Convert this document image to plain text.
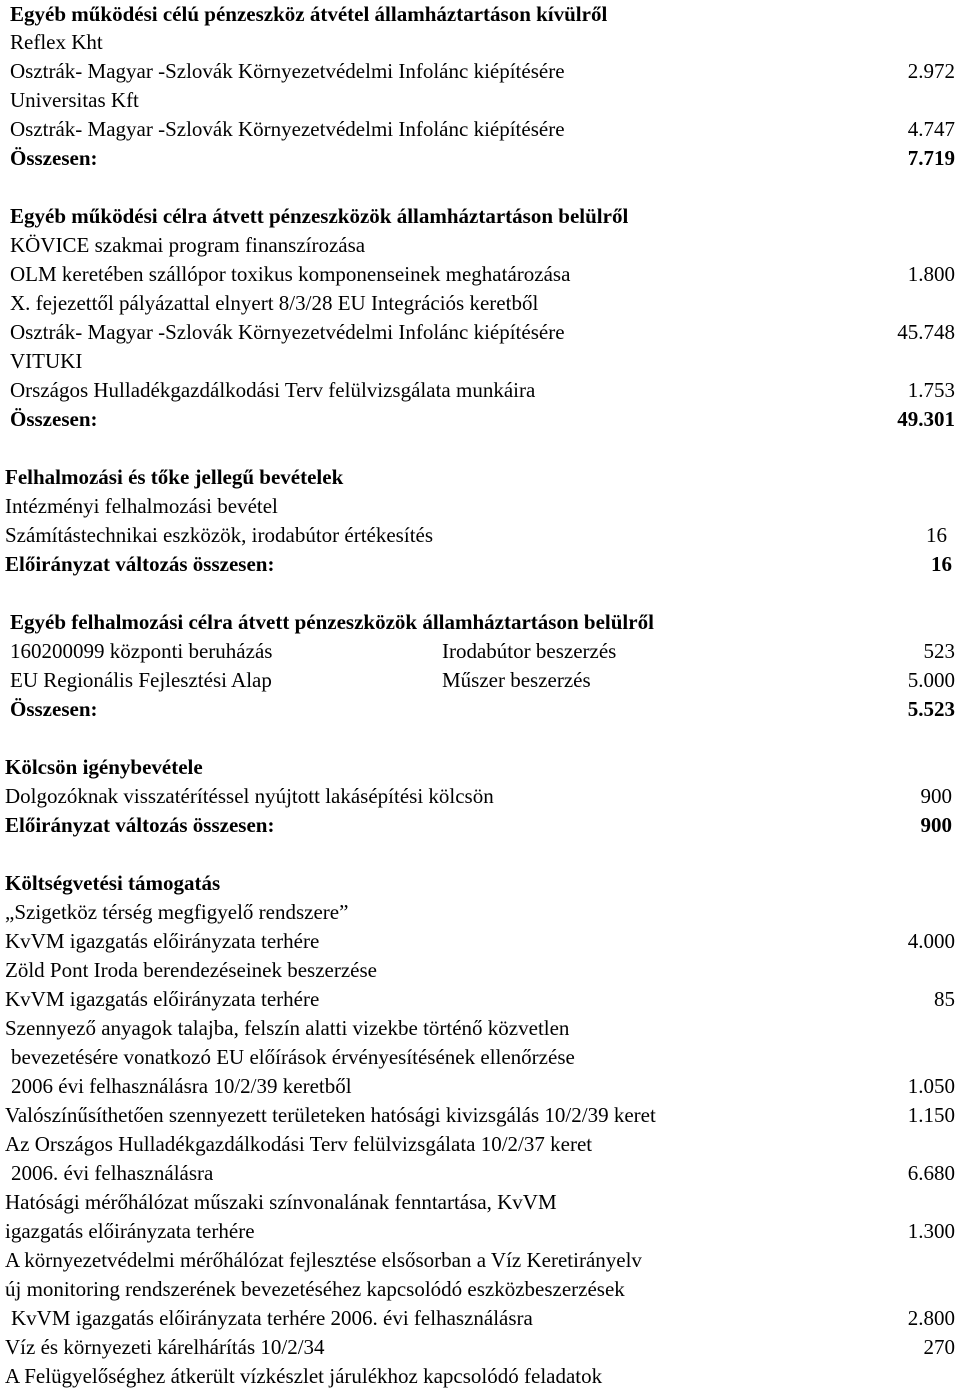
Egyéb működési célú pénzeszköz átvétel államháztartáson kívülről
Reflex Kht
Osztrák- Magyar -Szlovák Környezetvédelmi Infolánc kiépítésére	2.972
Universitas Kft
Osztrák- Magyar -Szlovák Környezetvédelmi Infolánc kiépítésére	4.747
Összesen:	7.719
Egyéb működési célra átvett pénzeszközök államháztartáson belülről
KÖVICE szakmai program finanszírozása
OLM keretében szállópor toxikus komponenseinek meghatározása	1.800
X. fejezettől pályázattal elnyert 8/3/28 EU Integrációs keretből
Osztrák- Magyar -Szlovák Környezetvédelmi Infolánc kiépítésére	45.748
VITUKI
Országos Hulladékgazdálkodási Terv felülvizsgálata munkáira	1.753
Összesen:	49.301
Felhalmozási és tőke jellegű bevételek
Intézményi felhalmozási bevétel
Számítástechnikai eszközök, irodabútor értékesítés	16
Előirányzat változás összesen:	16
Egyéb felhalmozási célra átvett pénzeszközök államháztartáson belülről
160200099 központi beruházás	Irodabútor beszerzés	523
EU Regionális Fejlesztési Alap	Műszer beszerzés	5.000
Összesen:	5.523
Kölcsön igénybevétele
Dolgozóknak visszatérítéssel nyújtott lakásépítési kölcsön	900
Előirányzat változás összesen:	900
Költségvetési támogatás
„Szigetköz térség megfigyelő rendszere”
KvVM igazgatás előirányzata terhére	4.000
Zöld Pont Iroda berendezéseinek beszerzése
KvVM igazgatás előirányzata terhére	85
Szennyező anyagok talajba, felszín alatti vizekbe történő közvetlen
bevezetésére vonatkozó EU előírások érvényesítésének ellenőrzése
2006 évi felhasználásra 10/2/39 keretből	1.050
Valószínűsíthetően szennyezett területeken hatósági kivizsgálás 10/2/39 keret	1.150
Az Országos Hulladékgazdálkodási Terv felülvizsgálata 10/2/37 keret
2006. évi felhasználásra	6.680
Hatósági mérőhálózat műszaki színvonalának fenntartása, KvVM
igazgatás előirányzata terhére	1.300
A környezetvédelmi mérőhálózat fejlesztése elsősorban a Víz Keretirányelv
új monitoring rendszerének bevezetéséhez kapcsolódó eszközbeszerzések
KvVM igazgatás előirányzata terhére 2006. évi felhasználásra	2.800
Víz és környezeti kárelhárítás 10/2/34	270
A Felügyelőséghez átkerült vízkészlet járulékhoz kapcsolódó feladatok
